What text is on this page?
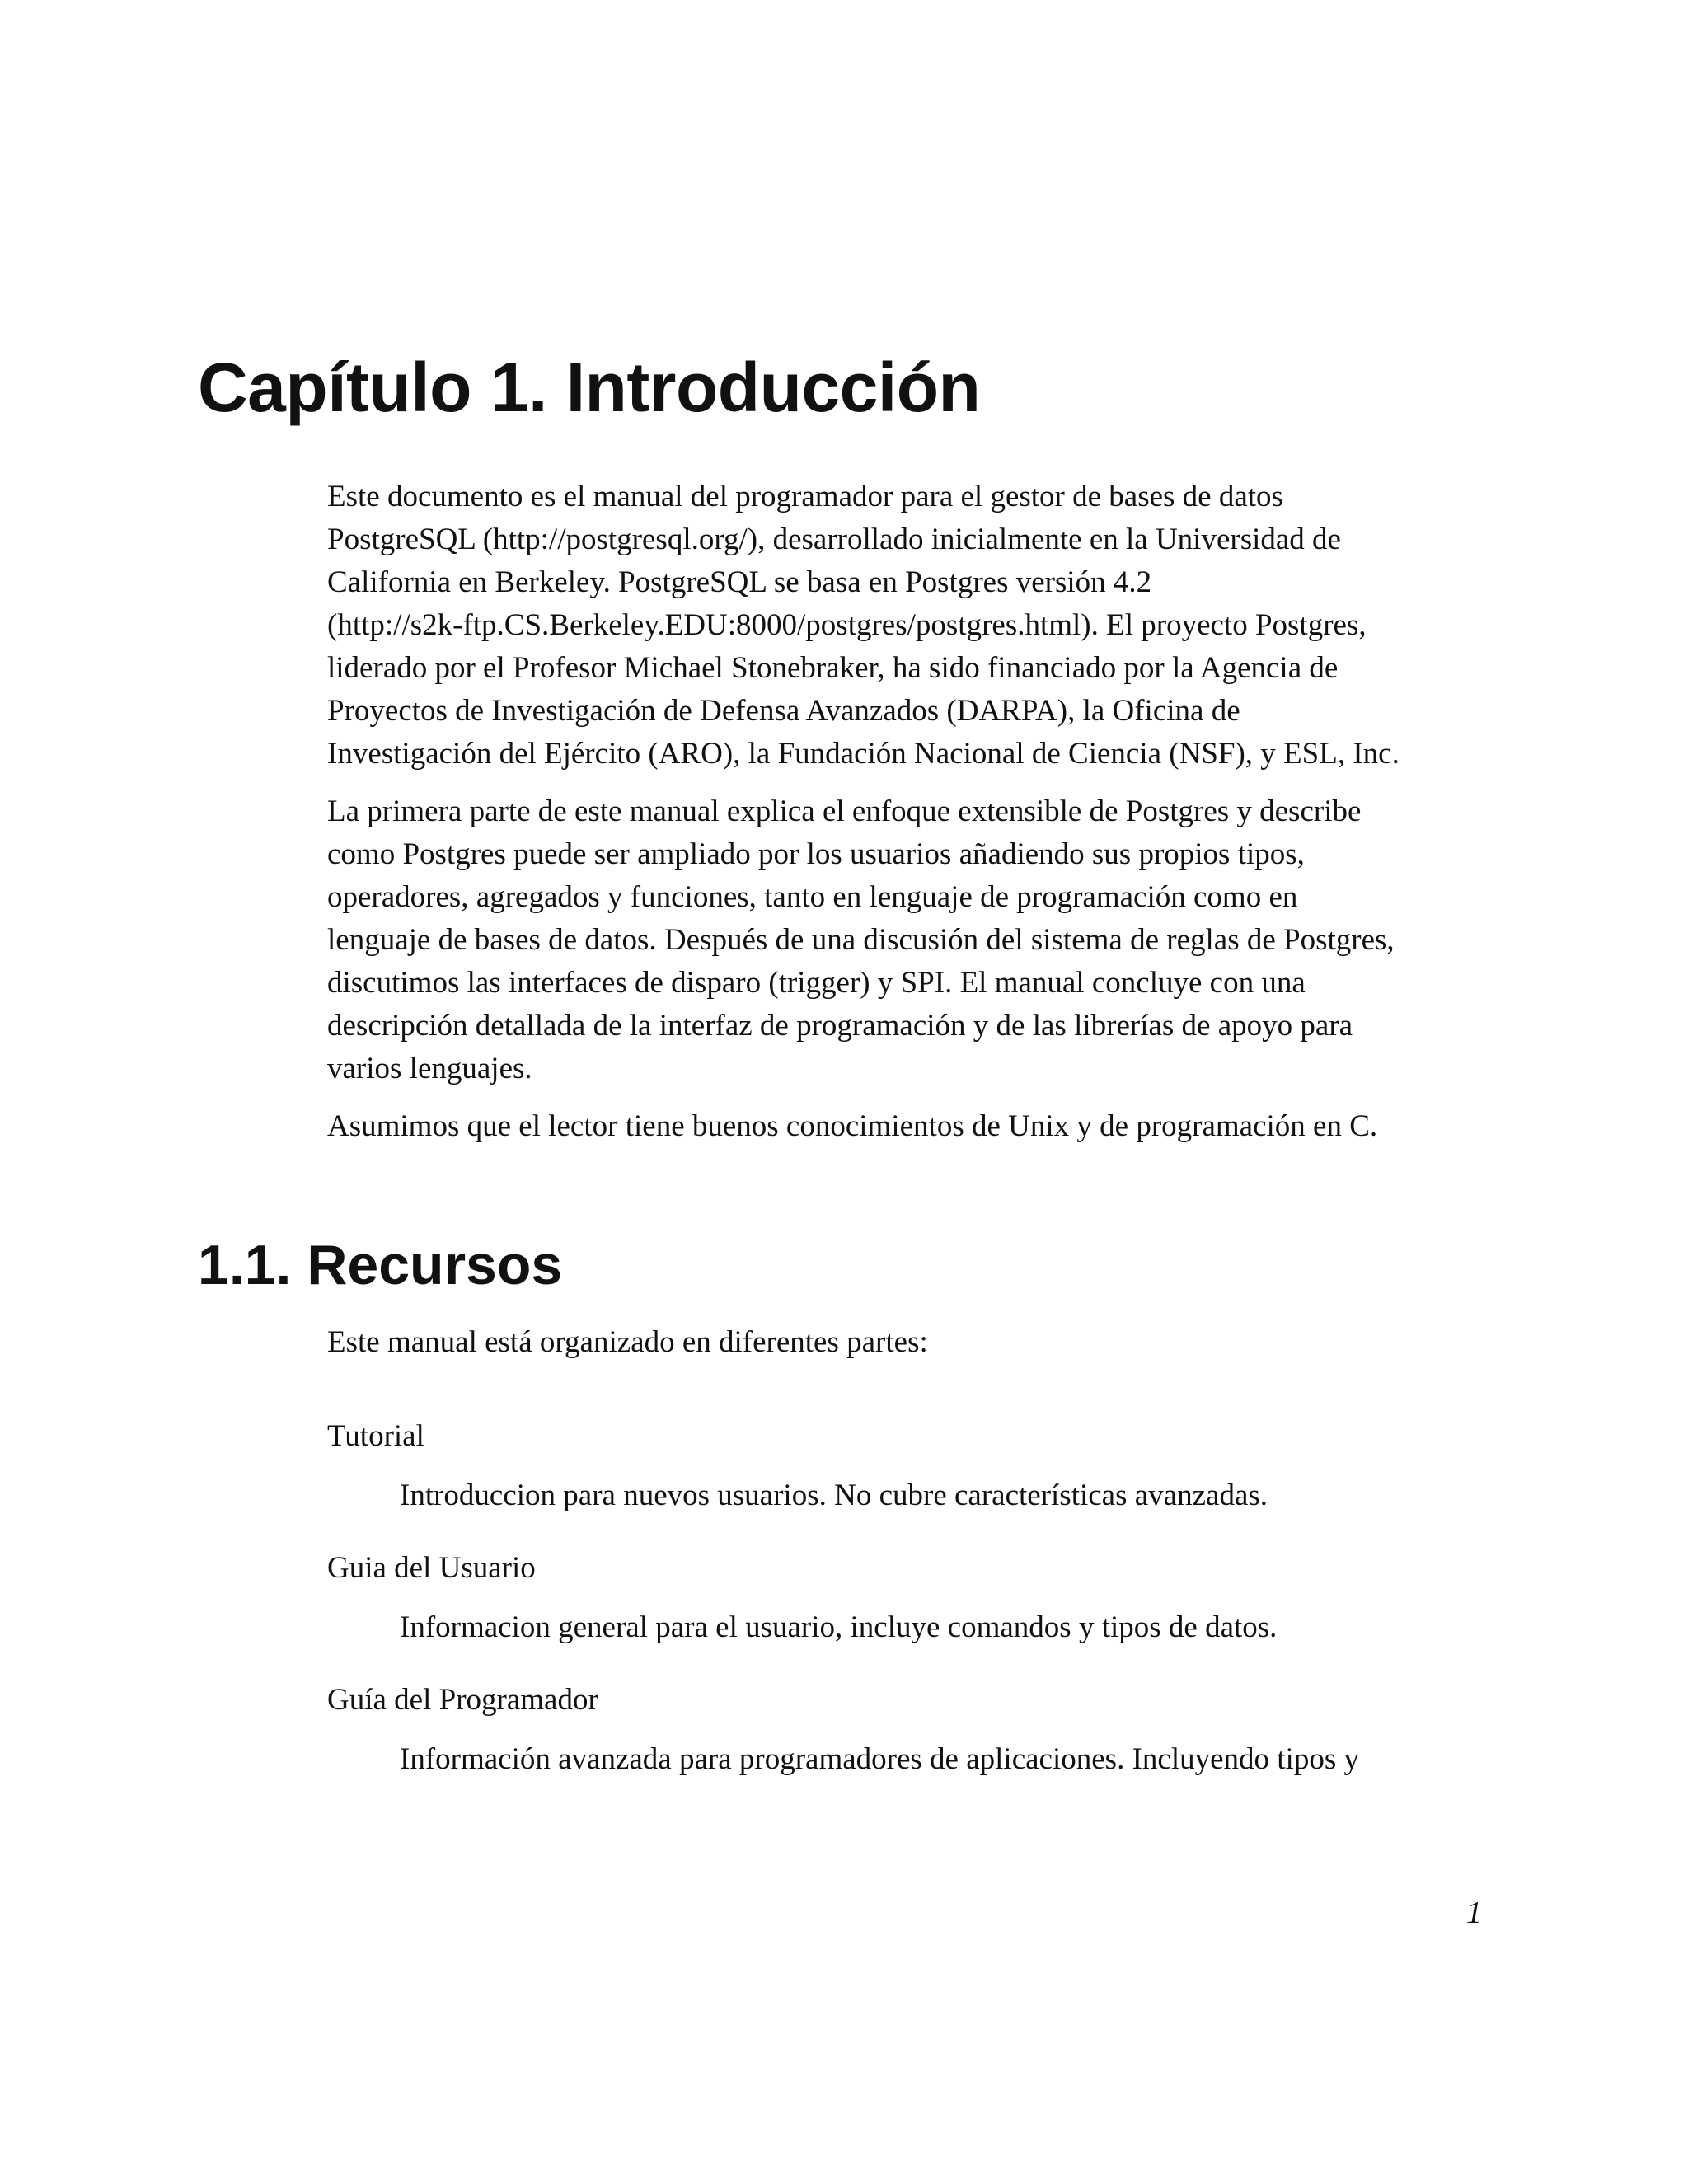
Capítulo 1. Introducción

Este documento es el manual del programador para el gestor de bases de datos
PostgreSQL (http://postgresql.org/), desarrollado inicialmente en la Universidad de
California en Berkeley. PostgreSQL se basa en Postgres versión 4.2
(http://s2k-ftp.CS.Berkeley.EDU:8000/postgres/postgres.html). El proyecto Postgres,
liderado por el Profesor Michael Stonebraker, ha sido financiado por la Agencia de
Proyectos de Investigación de Defensa Avanzados (DARPA), la Oficina de
Investigación del Ejército (ARO), la Fundación Nacional de Ciencia (NSF), y ESL, Inc.

La primera parte de este manual explica el enfoque extensible de Postgres y describe
como Postgres puede ser ampliado por los usuarios añadiendo sus propios tipos,
operadores, agregados y funciones, tanto en lenguaje de programación como en
lenguaje de bases de datos. Después de una discusión del sistema de reglas de Postgres,
discutimos las interfaces de disparo (trigger) y SPI. El manual concluye con una
descripción detallada de la interfaz de programación y de las librerías de apoyo para
varios lenguajes.

Asumimos que el lector tiene buenos conocimientos de Unix y de programación en C.

1.1. Recursos

Este manual está organizado en diferentes partes:

Tutorial
Introduccion para nuevos usuarios. No cubre características avanzadas.
Guia del Usuario
Informacion general para el usuario, incluye comandos y tipos de datos.
Guía del Programador
Información avanzada para programadores de aplicaciones. Incluyendo tipos y
1
